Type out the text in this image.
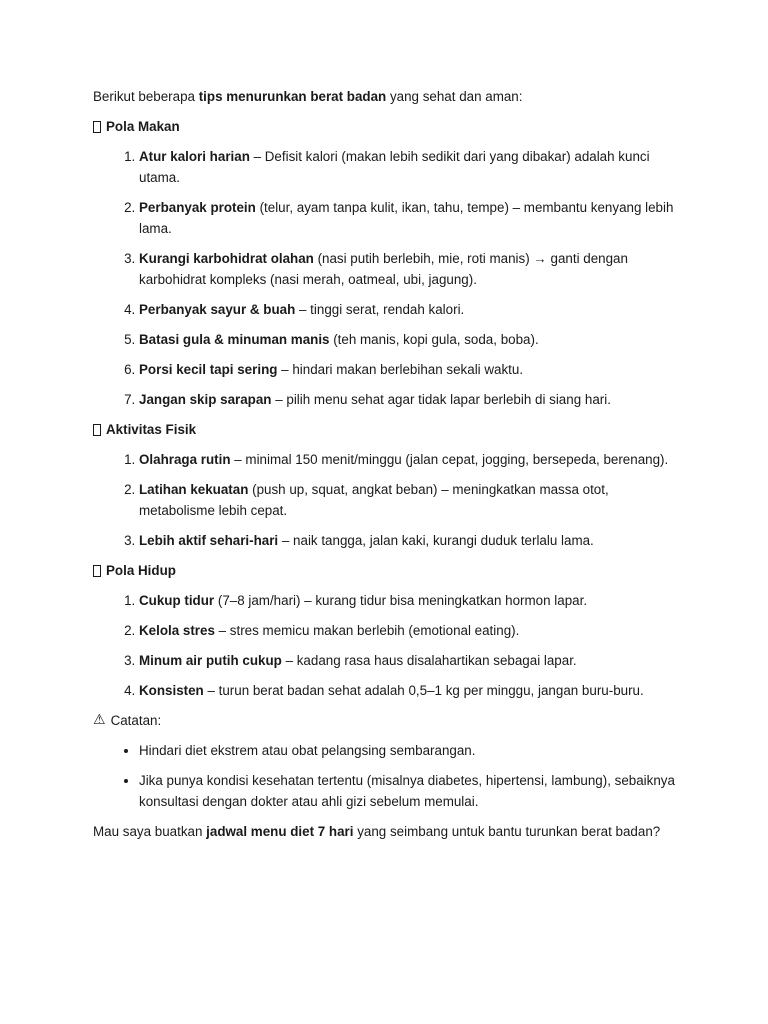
Berikut beberapa tips menurunkan berat badan yang sehat dan aman:

Pola Makan

1. Atur kalori harian – Defisit kalori (makan lebih sedikit dari yang dibakar) adalah kunci utama.
2. Perbanyak protein (telur, ayam tanpa kulit, ikan, tahu, tempe) – membantu kenyang lebih lama.
3. Kurangi karbohidrat olahan (nasi putih berlebih, mie, roti manis) → ganti dengan karbohidrat kompleks (nasi merah, oatmeal, ubi, jagung).
4. Perbanyak sayur & buah – tinggi serat, rendah kalori.
5. Batasi gula & minuman manis (teh manis, kopi gula, soda, boba).
6. Porsi kecil tapi sering – hindari makan berlebihan sekali waktu.
7. Jangan skip sarapan – pilih menu sehat agar tidak lapar berlebih di siang hari.

Aktivitas Fisik

1. Olahraga rutin – minimal 150 menit/minggu (jalan cepat, jogging, bersepeda, berenang).
2. Latihan kekuatan (push up, squat, angkat beban) – meningkatkan massa otot, metabolisme lebih cepat.
3. Lebih aktif sehari-hari – naik tangga, jalan kaki, kurangi duduk terlalu lama.

Pola Hidup

1. Cukup tidur (7–8 jam/hari) – kurang tidur bisa meningkatkan hormon lapar.
2. Kelola stres – stres memicu makan berlebih (emotional eating).
3. Minum air putih cukup – kadang rasa haus disalahartikan sebagai lapar.
4. Konsisten – turun berat badan sehat adalah 0,5–1 kg per minggu, jangan buru-buru.

⚠ Catatan:

• Hindari diet ekstrem atau obat pelangsing sembarangan.
• Jika punya kondisi kesehatan tertentu (misalnya diabetes, hipertensi, lambung), sebaiknya konsultasi dengan dokter atau ahli gizi sebelum memulai.

Mau saya buatkan jadwal menu diet 7 hari yang seimbang untuk bantu turunkan berat badan?
